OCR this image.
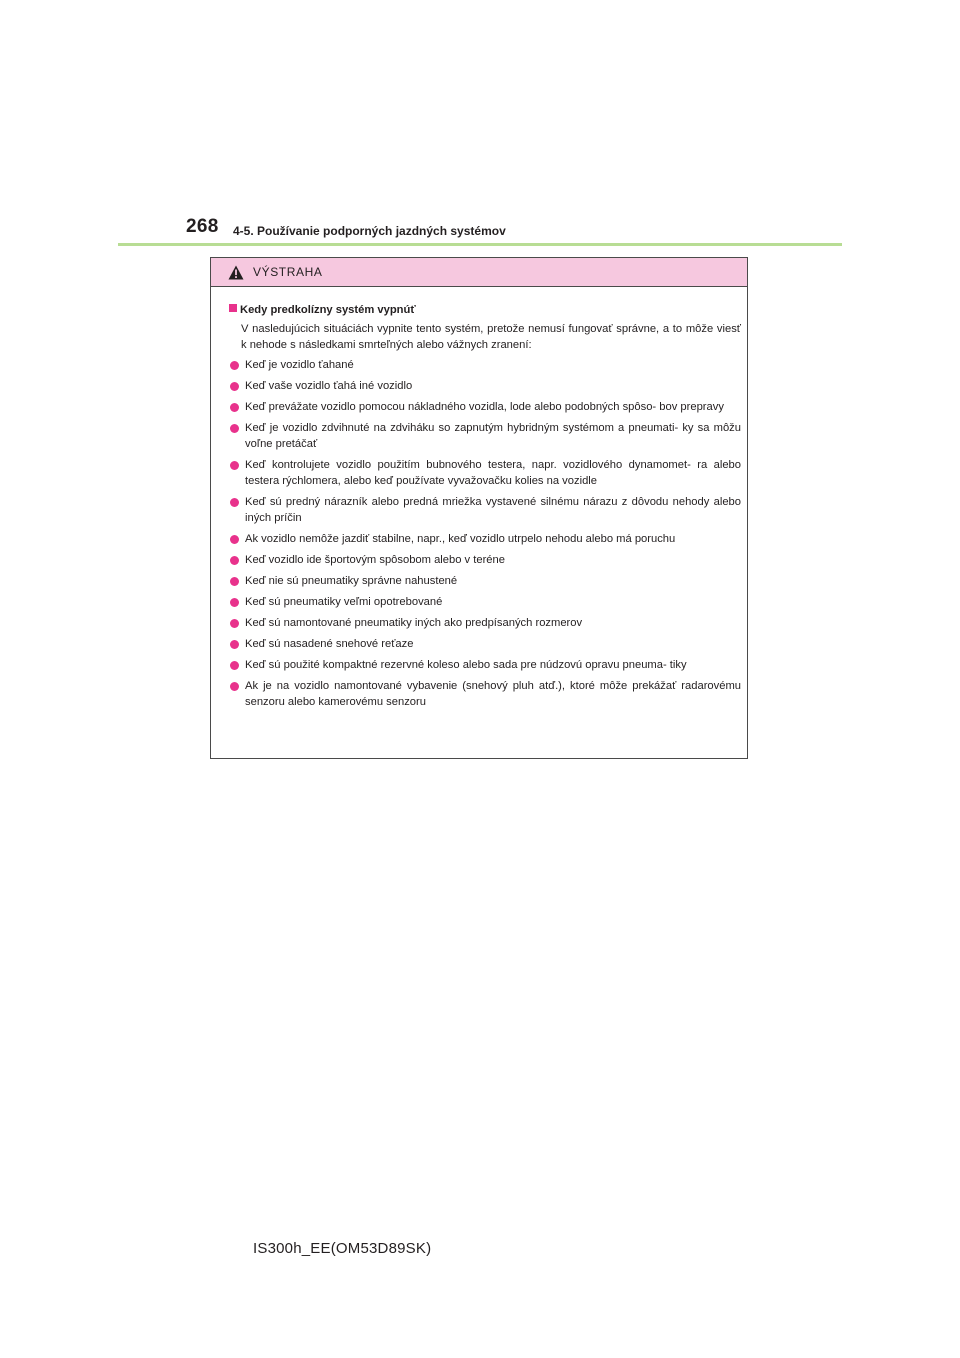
268 4-5. Používanie podporných jazdných systémov
VÝSTRAHA
Kedy predkolízny systém vypnúť
V nasledujúcich situáciách vypnite tento systém, pretože nemusí fungovať správne, a to môže viesť k nehode s následkami smrteľných alebo vážnych zranení:
Keď je vozidlo ťahané
Keď vaše vozidlo ťahá iné vozidlo
Keď prevážate vozidlo pomocou nákladného vozidla, lode alebo podobných spôso- bov prepravy
Keď je vozidlo zdvihnuté na zdviháku so zapnutým hybridným systémom a pneumati- ky sa môžu voľne pretáčať
Keď kontrolujete vozidlo použitím bubnového testera, napr. vozidlového dynamomet- ra alebo testera rýchlomera, alebo keď používate vyvažovačku kolies na vozidle
Keď sú predný nárazník alebo predná mriežka vystavené silnému nárazu z dôvodu nehody alebo iných príčin
Ak vozidlo nemôže jazdiť stabilne, napr., keď vozidlo utrpelo nehodu alebo má poruchu
Keď vozidlo ide športovým spôsobom alebo v teréne
Keď nie sú pneumatiky správne nahustené
Keď sú pneumatiky veľmi opotrebované
Keď sú namontované pneumatiky iných ako predpísaných rozmerov
Keď sú nasadené snehové reťaze
Keď sú použité kompaktné rezervné koleso alebo sada pre núdzovú opravu pneuma- tiky
Ak je na vozidlo namontované vybavenie (snehový pluh atď.), ktoré môže prekážať radarovému senzoru alebo kamerovému senzoru
IS300h_EE(OM53D89SK)
